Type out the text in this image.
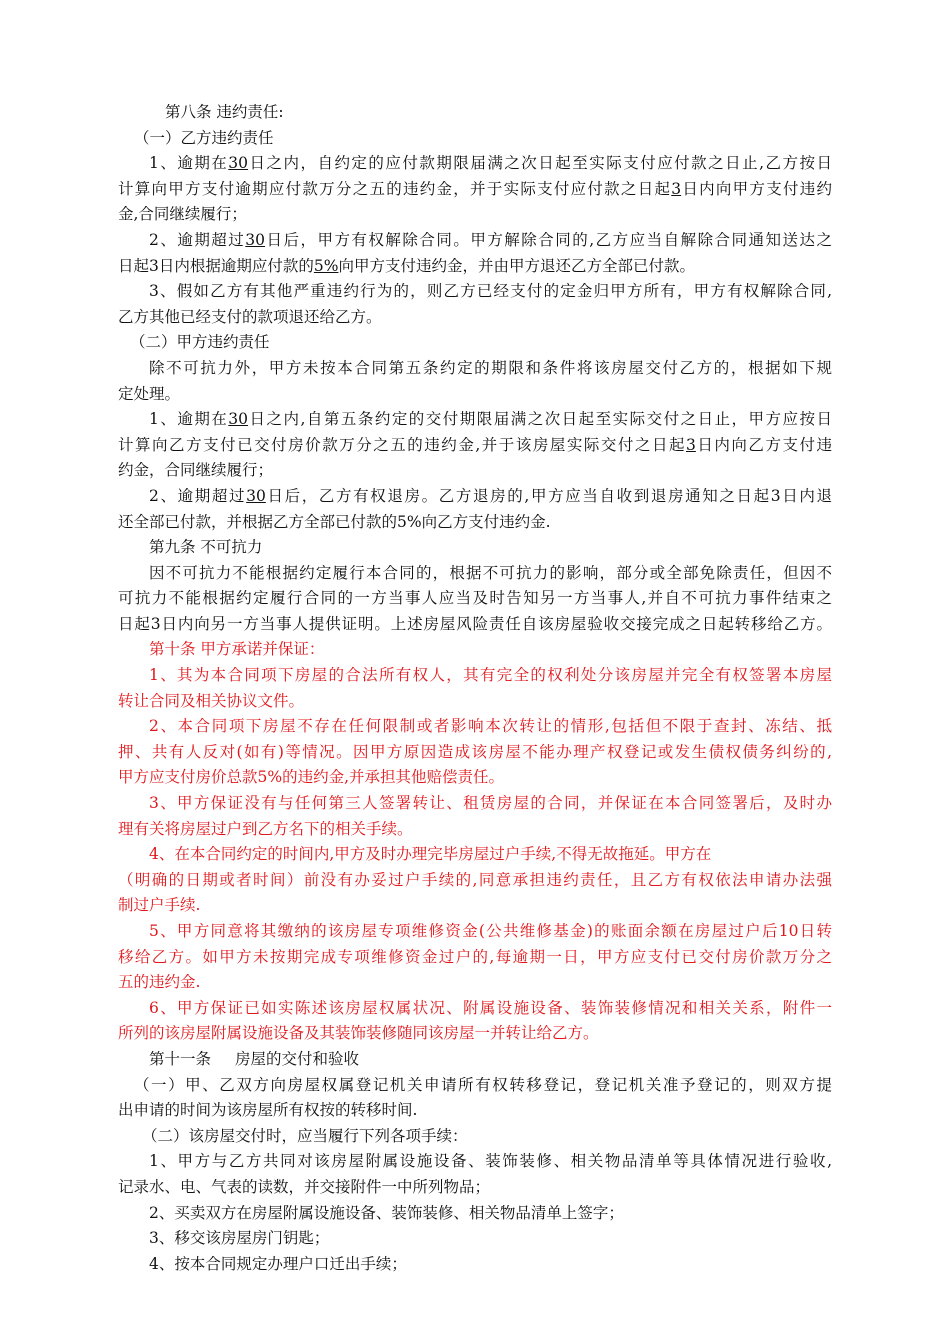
第八条 违约责任:
（一）乙方违约责任
1、逾期在30日之内，自约定的应付款期限届满之次日起至实际支付应付款之日止,乙方按日
计算向甲方支付逾期应付款万分之五的违约金，并于实际支付应付款之日起3日内向甲方支付违约
金,合同继续履行；
2、逾期超过30日后，甲方有权解除合同。甲方解除合同的,乙方应当自解除合同通知送达之
日起3日内根据逾期应付款的5%向甲方支付违约金，并由甲方退还乙方全部已付款。
3、假如乙方有其他严重违约行为的，则乙方已经支付的定金归甲方所有，甲方有权解除合同,
乙方其他已经支付的款项退还给乙方。
（二）甲方违约责任
除不可抗力外，甲方未按本合同第五条约定的期限和条件将该房屋交付乙方的，根据如下规
定处理。
1、逾期在30日之内,自第五条约定的交付期限届满之次日起至实际交付之日止，甲方应按日
计算向乙方支付已交付房价款万分之五的违约金,并于该房屋实际交付之日起3日内向乙方支付违
约金，合同继续履行；
2、逾期超过30日后，乙方有权退房。乙方退房的,甲方应当自收到退房通知之日起3日内退
还全部已付款，并根据乙方全部已付款的5%向乙方支付违约金.
第九条 不可抗力
因不可抗力不能根据约定履行本合同的，根据不可抗力的影响，部分或全部免除责任，但因不
可抗力不能根据约定履行合同的一方当事人应当及时告知另一方当事人,并自不可抗力事件结束之
日起3日内向另一方当事人提供证明。上述房屋风险责任自该房屋验收交接完成之日起转移给乙方。
第十条 甲方承诺并保证：
1、其为本合同项下房屋的合法所有权人，其有完全的权利处分该房屋并完全有权签署本房屋
转让合同及相关协议文件。
2、本合同项下房屋不存在任何限制或者影响本次转让的情形,包括但不限于查封、冻结、抵
押、共有人反对(如有)等情况。因甲方原因造成该房屋不能办理产权登记或发生债权债务纠纷的,
甲方应支付房价总款5%的违约金,并承担其他赔偿责任。
3、甲方保证没有与任何第三人签署转让、租赁房屋的合同，并保证在本合同签署后，及时办
理有关将房屋过户到乙方名下的相关手续。
4、在本合同约定的时间内,甲方及时办理完毕房屋过户手续,不得无故拖延。甲方在
（明确的日期或者时间）前没有办妥过户手续的,同意承担违约责任，且乙方有权依法申请办法强
制过户手续.
5、甲方同意将其缴纳的该房屋专项维修资金(公共维修基金)的账面余额在房屋过户后10日转
移给乙方。如甲方未按期完成专项维修资金过户的,每逾期一日，甲方应支付已交付房价款万分之
五的违约金.
6、甲方保证已如实陈述该房屋权属状况、附属设施设备、装饰装修情况和相关关系，附件一
所列的该房屋附属设施设备及其装饰装修随同该房屋一并转让给乙方。
第十一条 房屋的交付和验收
（一）甲、乙双方向房屋权属登记机关申请所有权转移登记，登记机关准予登记的，则双方提
出申请的时间为该房屋所有权按的转移时间.
（二）该房屋交付时，应当履行下列各项手续：
1、甲方与乙方共同对该房屋附属设施设备、装饰装修、相关物品清单等具体情况进行验收,
记录水、电、气表的读数，并交接附件一中所列物品；
2、买卖双方在房屋附属设施设备、装饰装修、相关物品清单上签字；
3、移交该房屋房门钥匙；
4、按本合同规定办理户口迁出手续；
